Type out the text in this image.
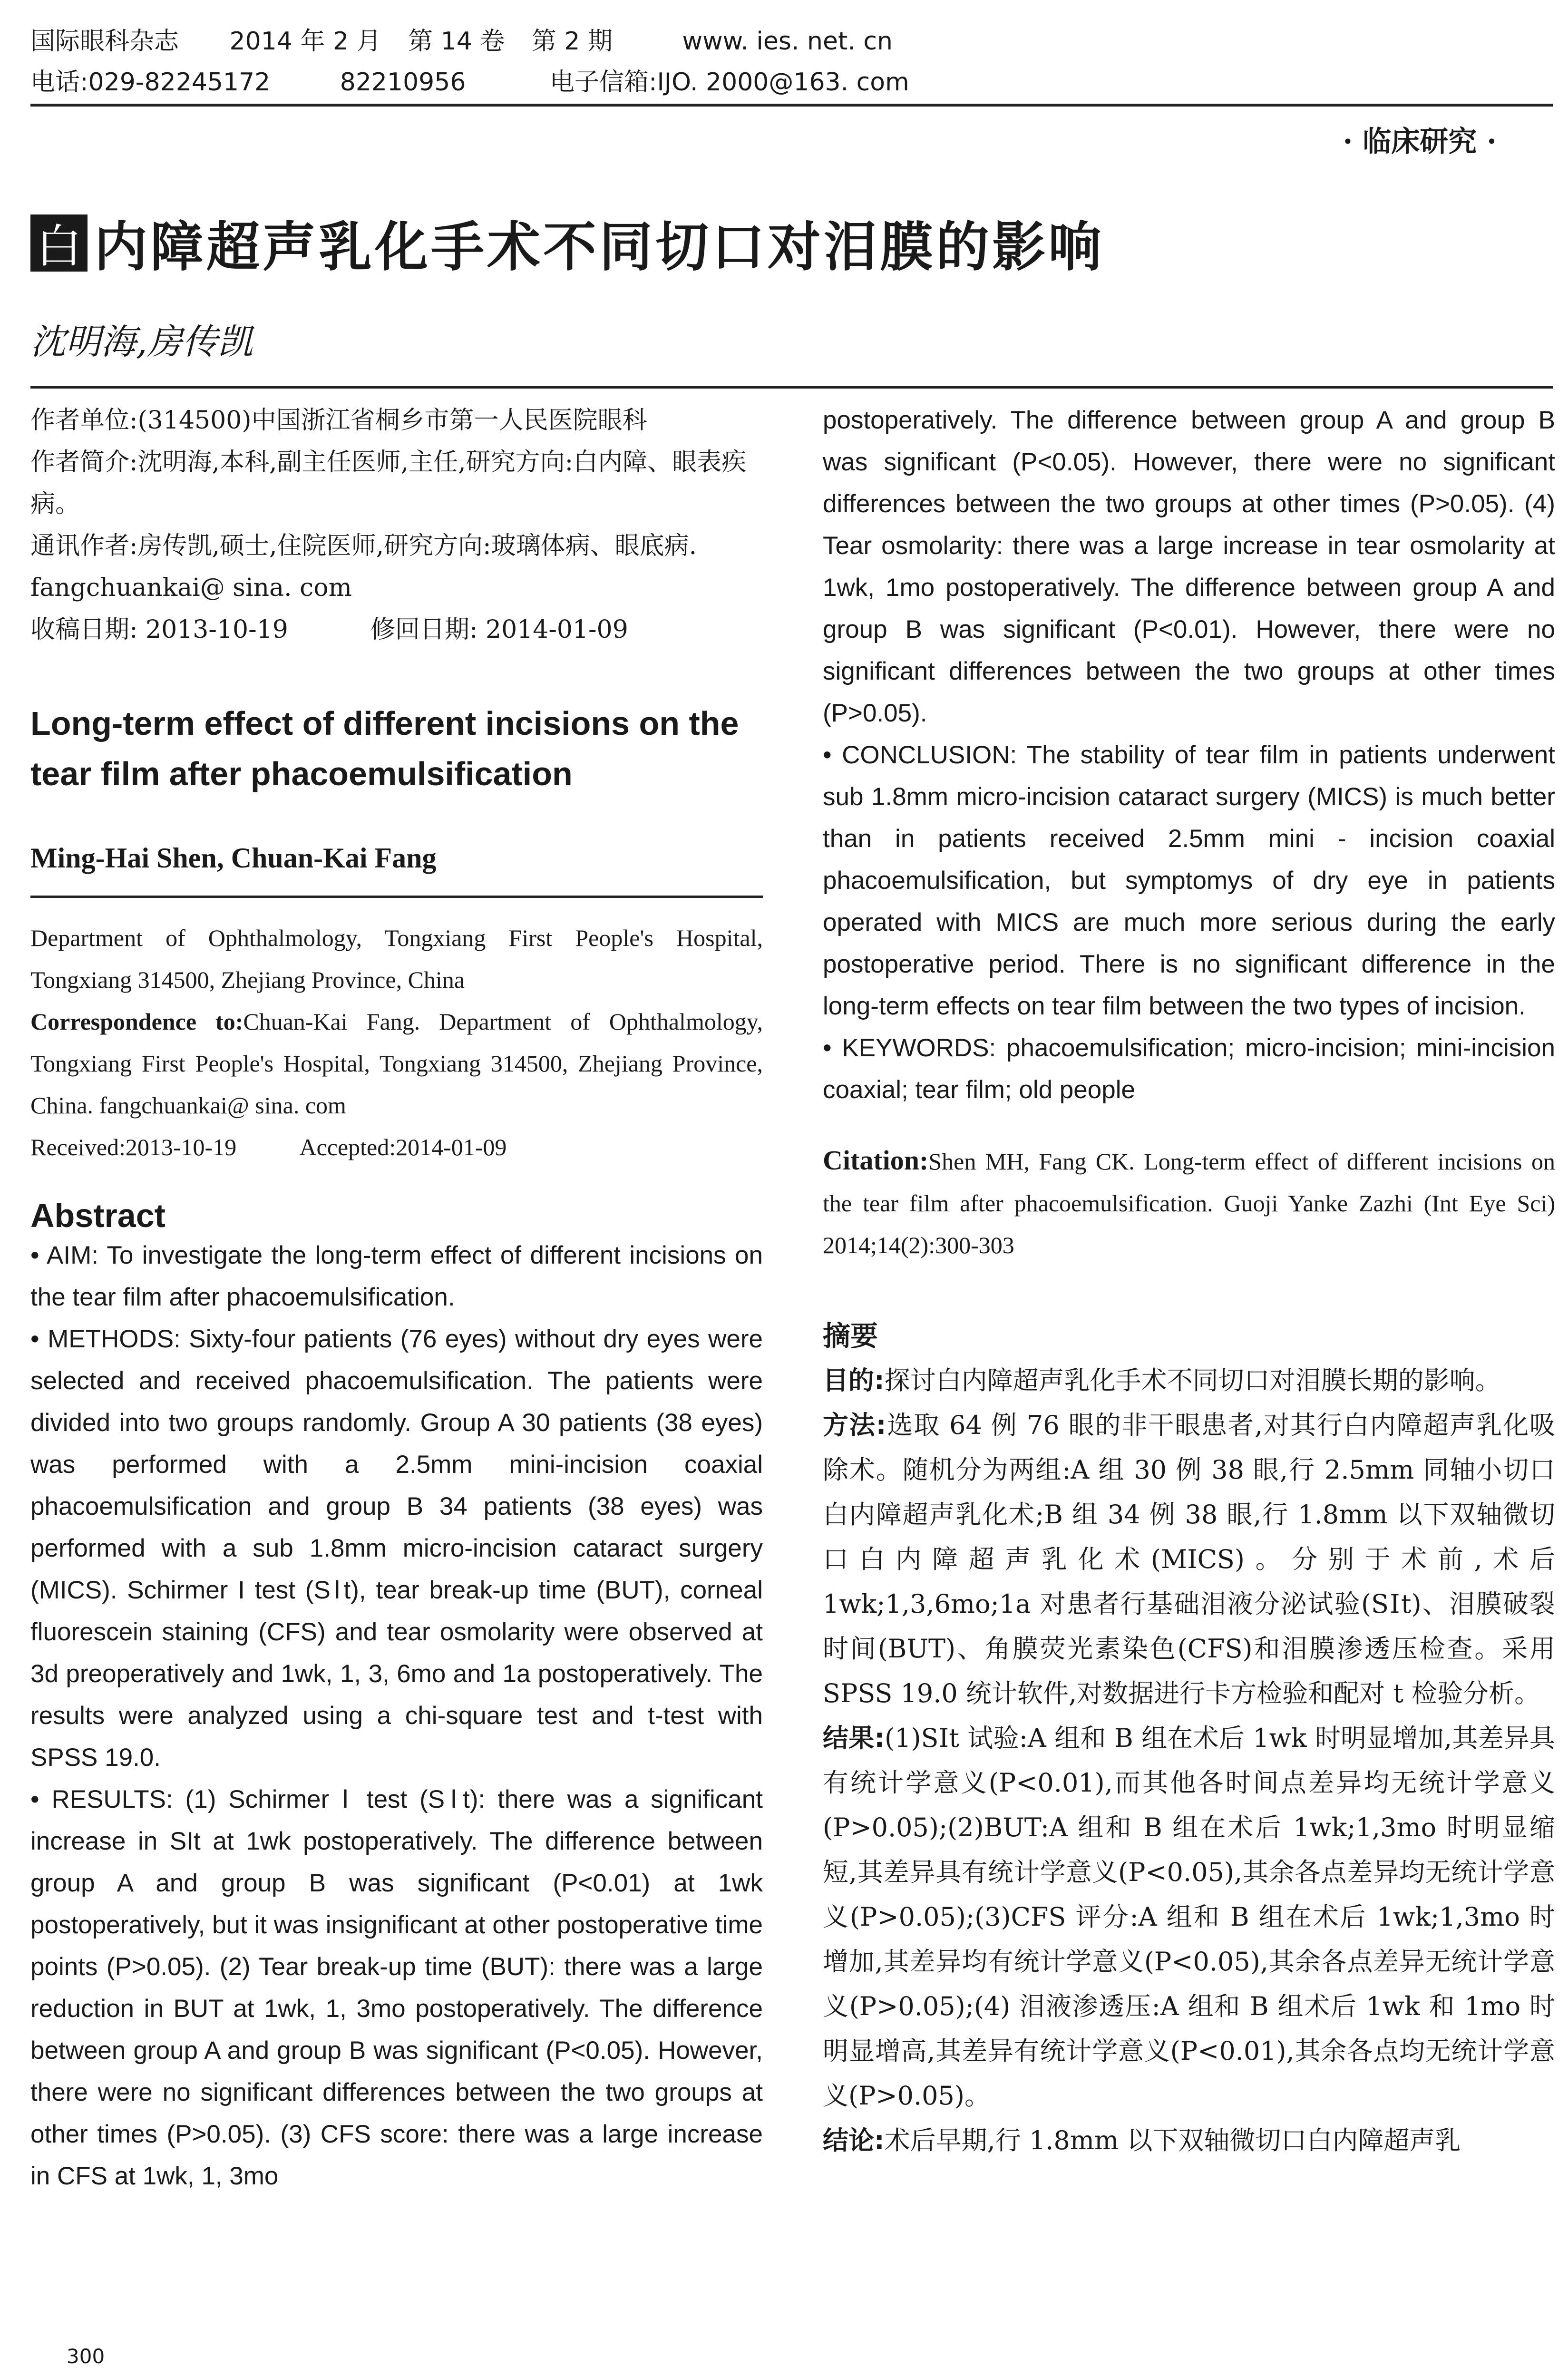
国际眼科杂志 2014 年 2 月 第 14 卷 第 2 期	www. ies. net. cn
电话:029-82245172	82210956	电子信箱:IJO. 2000@163. com
· 临床研究 ·
白 内障超声乳化手术不同切口对泪膜的影响
沈明海,房传凯

作者单位:(314500)中国浙江省桐乡市第一人民医院眼科

作者简介:沈明海,本科,副主任医师,主任,研究方向:白内障、眼表疾病。

通讯作者:房传凯,硕士,住院医师,研究方向:玻璃体病、眼底病. fangchuankai@ sina. com

收稿日期: 2013-10-19	修回日期: 2014-01-09

Long-term effect of different incisions on the tear film after phacoemulsification
Ming-Hai Shen, Chuan-Kai Fang

Department of Ophthalmology, Tongxiang First People's Hospital, Tongxiang 314500, Zhejiang Province, China

Correspondence to:Chuan-Kai Fang. Department of Ophthalmology, Tongxiang First People's Hospital, Tongxiang 314500, Zhejiang Province, China. fangchuankai@ sina. com

Received:2013-10-19	Accepted:2014-01-09

Abstract

• AIM: To investigate the long-term effect of different incisions on the tear film after phacoemulsification.

• METHODS: Sixty-four patients (76 eyes) without dry eyes were selected and received phacoemulsification. The patients were divided into two groups randomly. Group A 30 patients (38 eyes) was performed with a 2.5mm mini-incision coaxial phacoemulsification and group B 34 patients (38 eyes) was performed with a sub 1.8mm micro-incision cataract surgery (MICS). Schirmer I test (SⅠt), tear break-up time (BUT), corneal fluorescein staining (CFS) and tear osmolarity were observed at 3d preoperatively and 1wk, 1, 3, 6mo and 1a postoperatively. The results were analyzed using a chi-square test and t-test with SPSS 19.0.

• RESULTS: (1) Schirmer Ⅰ test (SⅠt): there was a significant increase in SIt at 1wk postoperatively. The difference between group A and group B was significant (P<0.01) at 1wk postoperatively, but it was insignificant at other postoperative time points (P>0.05). (2) Tear break-up time (BUT): there was a large reduction in BUT at 1wk, 1, 3mo postoperatively. The difference between group A and group B was significant (P<0.05). However, there were no significant differences between the two groups at other times (P>0.05). (3) CFS score: there was a large increase in CFS at 1wk, 1, 3mo

postoperatively. The difference between group A and group B was significant (P<0.05). However, there were no significant differences between the two groups at other times (P>0.05). (4) Tear osmolarity: there was a large increase in tear osmolarity at 1wk, 1mo postoperatively. The difference between group A and group B was significant (P<0.01). However, there were no significant differences between the two groups at other times (P>0.05).

• CONCLUSION: The stability of tear film in patients underwent sub 1.8mm micro-incision cataract surgery (MICS) is much better than in patients received 2.5mm mini - incision coaxial phacoemulsification, but symptomys of dry eye in patients operated with MICS are much more serious during the early postoperative period. There is no significant difference in the long-term effects on tear film between the two types of incision.

• KEYWORDS: phacoemulsification; micro-incision; mini-incision coaxial; tear film; old people

Citation:Shen MH, Fang CK. Long-term effect of different incisions on the tear film after phacoemulsification. Guoji Yanke Zazhi (Int Eye Sci) 2014;14(2):300-303
摘要

目的:探讨白内障超声乳化手术不同切口对泪膜长期的影响。

方法:选取 64 例 76 眼的非干眼患者,对其行白内障超声乳化吸除术。随机分为两组:A 组 30 例 38 眼,行 2.5mm 同轴小切口白内障超声乳化术;B 组 34 例 38 眼,行 1.8mm 以下双轴微切口白内障超声乳化术(MICS)。分别于术前,术后 1wk;1,3,6mo;1a 对患者行基础泪液分泌试验(SⅠt)、泪膜破裂时间(BUT)、角膜荧光素染色(CFS)和泪膜渗透压检查。采用 SPSS 19.0 统计软件,对数据进行卡方检验和配对 t 检验分析。

结果:(1)SⅠt 试验:A 组和 B 组在术后 1wk 时明显增加,其差异具有统计学意义(P<0.01),而其他各时间点差异均无统计学意义(P>0.05);(2)BUT:A 组和 B 组在术后 1wk;1,3mo 时明显缩短,其差异具有统计学意义(P<0.05),其余各点差异均无统计学意义(P>0.05);(3)CFS 评分:A 组和 B 组在术后 1wk;1,3mo 时增加,其差异均有统计学意义(P<0.05),其余各点差异无统计学意义(P>0.05);(4) 泪液渗透压:A 组和 B 组术后 1wk 和 1mo 时明显增高,其差异有统计学意义(P<0.01),其余各点均无统计学意义(P>0.05)。

结论:术后早期,行 1.8mm 以下双轴微切口白内障超声乳

300
